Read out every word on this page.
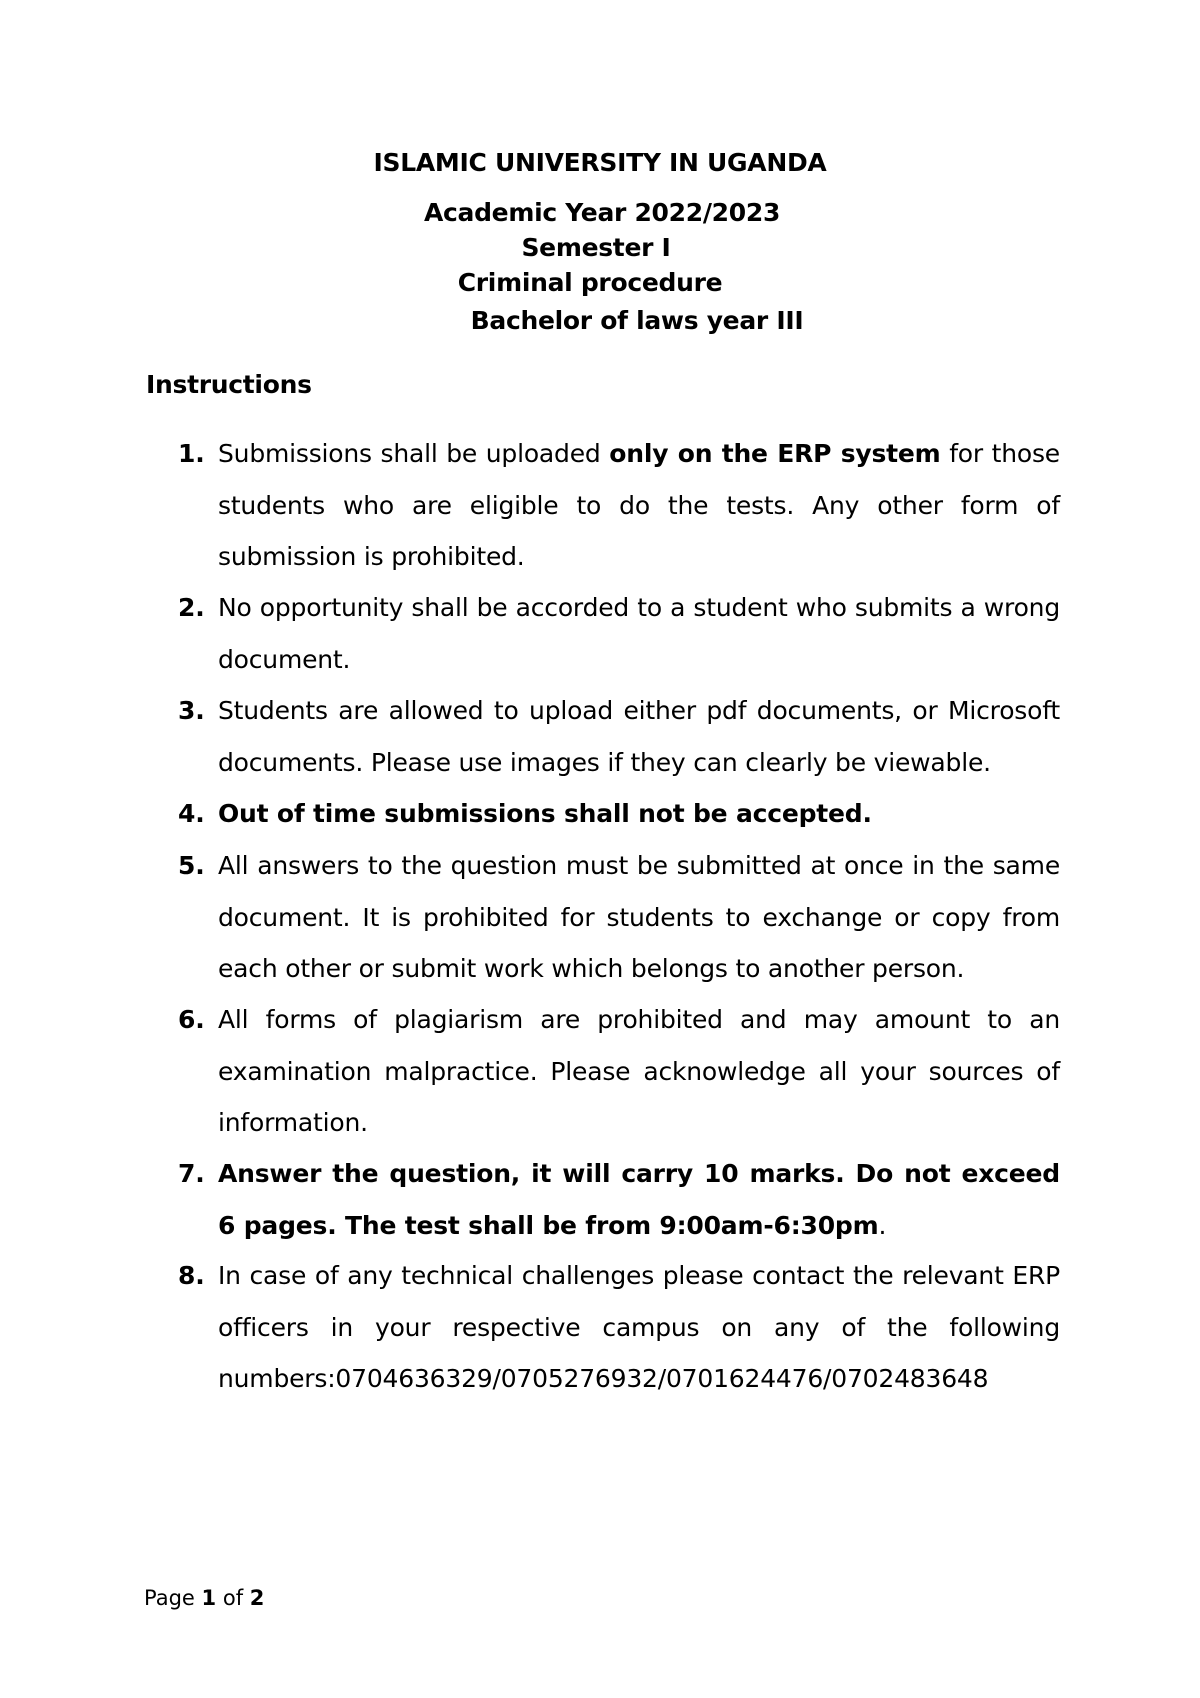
ISLAMIC UNIVERSITY IN UGANDA
Academic Year 2022/2023
Semester I
Criminal procedure
Bachelor of laws year III
Instructions
1. Submissions shall be uploaded only on the ERP system for those students who are eligible to do the tests. Any other form of submission is prohibited.
2. No opportunity shall be accorded to a student who submits a wrong document.
3. Students are allowed to upload either pdf documents, or Microsoft documents. Please use images if they can clearly be viewable.
4. Out of time submissions shall not be accepted.
5. All answers to the question must be submitted at once in the same document. It is prohibited for students to exchange or copy from each other or submit work which belongs to another person.
6. All forms of plagiarism are prohibited and may amount to an examination malpractice. Please acknowledge all your sources of information.
7. Answer the question, it will carry 10 marks. Do not exceed 6 pages. The test shall be from 9:00am-6:30pm.
8. In case of any technical challenges please contact the relevant ERP officers in your respective campus on any of the following numbers:0704636329/0705276932/0701624476/0702483648
Page 1 of 2
